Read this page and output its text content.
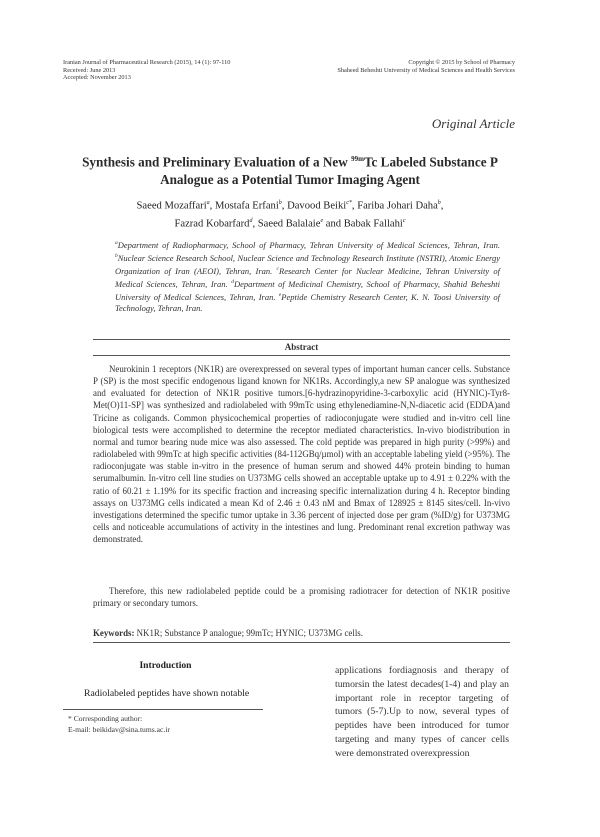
Iranian Journal of Pharmaceutical Research (2015), 14 (1): 97-110
Received: June 2013
Accepted: November 2013
Copyright © 2015 by School of Pharmacy
Shaheed Beheshti University of Medical Sciences and Health Services
Original Article
Synthesis and Preliminary Evaluation of a New $^{99m}$Tc Labeled Substance P
Analogue as a Potential Tumor Imaging Agent
Saeed Mozaffari$^a$, Mostafa Erfani$^b$, Davood Beiki$^{c*}$, Fariba Johari Daha$^b$,
Fazrad Kobarfard$^d$, Saeed Balalaie$^e$ and Babak Fallahi$^c$
$^a$Department of Radiopharmacy, School of Pharmacy, Tehran University of Medical Sciences, Tehran, Iran. $^b$Nuclear Science Research School, Nuclear Science and Technology Research Institute (NSTRI), Atomic Energy Organization of Iran (AEOI), Tehran, Iran. $^c$Research Center for Nuclear Medicine, Tehran University of Medical Sciences, Tehran, Iran. $^d$Department of Medicinal Chemistry, School of Pharmacy, Shahid Beheshti University of Medical Sciences, Tehran, Iran. $^e$Peptide Chemistry Research Center, K. N. Toosi University of Technology, Tehran, Iran.
Abstract
Neurokinin 1 receptors (NK1R) are overexpressed on several types of important human cancer cells. Substance P (SP) is the most specific endogenous ligand known for NK1Rs. Accordingly,a new SP analogue was synthesized and evaluated for detection of NK1R positive tumors.[6-hydrazinopyridine-3-carboxylic acid (HYNIC)-Tyr8-Met(O)11-SP] was synthesized and radiolabeled with 99mTc using ethylenediamine-N,N-diacetic acid (EDDA)and Tricine as coligands. Common physicochemical properties of radioconjugate were studied and in-vitro cell line biological tests were accomplished to determine the receptor mediated characteristics. In-vivo biodistribution in normal and tumor bearing nude mice was also assessed. The cold peptide was prepared in high purity (>99%) and radiolabeled with 99mTc at high specific activities (84-112GBq/µmol) with an acceptable labeling yield (>95%). The radioconjugate was stable in-vitro in the presence of human serum and showed 44% protein binding to human serumalbumin. In-vitro cell line studies on U373MG cells showed an acceptable uptake up to 4.91 ± 0.22% with the ratio of 60.21 ± 1.19% for its specific fraction and increasing specific internalization during 4 h. Receptor binding assays on U373MG cells indicated a mean Kd of 2.46 ± 0.43 nM and Bmax of 128925 ± 8145 sites/cell. In-vivo investigations determined the specific tumor uptake in 3.36 percent of injected dose per gram (%ID/g) for U373MG cells and noticeable accumulations of activity in the intestines and lung. Predominant renal excretion pathway was demonstrated.
Therefore, this new radiolabeled peptide could be a promising radiotracer for detection of NK1R positive primary or secondary tumors.
Keywords: NK1R; Substance P analogue; 99mTc; HYNIC; U373MG cells.
Introduction
Radiolabeled peptides have shown notable
* Corresponding author:
E-mail: beikidav@sina.tums.ac.ir
applications fordiagnosis and therapy of tumorsin the latest decades(1-4) and play an important role in receptor targeting of tumors (5-7).Up to now, several types of peptides have been introduced for tumor targeting and many types of cancer cells were demonstrated overexpression
